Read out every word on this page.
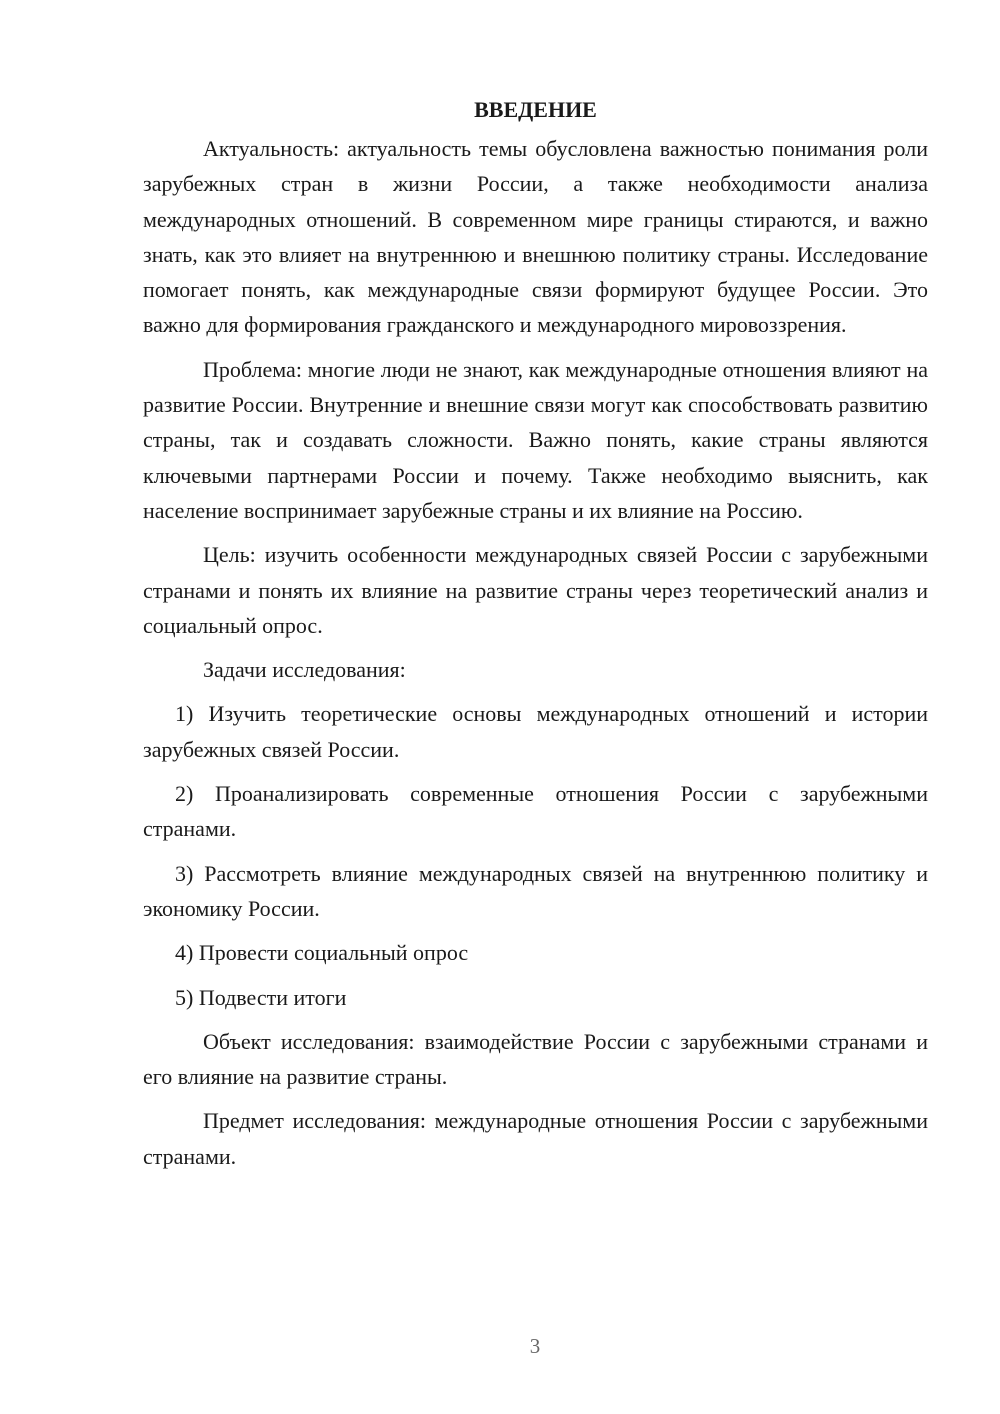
ВВЕДЕНИЕ

Актуальность: актуальность темы обусловлена важностью понимания роли зарубежных стран в жизни России, а также необходимости анализа международных отношений. В современном мире границы стираются, и важно знать, как это влияет на внутреннюю и внешнюю политику страны. Исследование помогает понять, как международные связи формируют будущее России. Это важно для формирования гражданского и международного мировоззрения.

Проблема: многие люди не знают, как международные отношения влияют на развитие России. Внутренние и внешние связи могут как способствовать развитию страны, так и создавать сложности. Важно понять, какие страны являются ключевыми партнерами России и почему. Также необходимо выяснить, как население воспринимает зарубежные страны и их влияние на Россию.

Цель: изучить особенности международных связей России с зарубежными странами и понять их влияние на развитие страны через теоретический анализ и социальный опрос.

Задачи исследования:

1) Изучить теоретические основы международных отношений и истории зарубежных связей России.

2) Проанализировать современные отношения России с зарубежными странами.

3) Рассмотреть влияние международных связей на внутреннюю политику и экономику России.

4) Провести социальный опрос

5) Подвести итоги

Объект исследования: взаимодействие России с зарубежными странами и его влияние на развитие страны.

Предмет исследования: международные отношения России с зарубежными странами.

3
